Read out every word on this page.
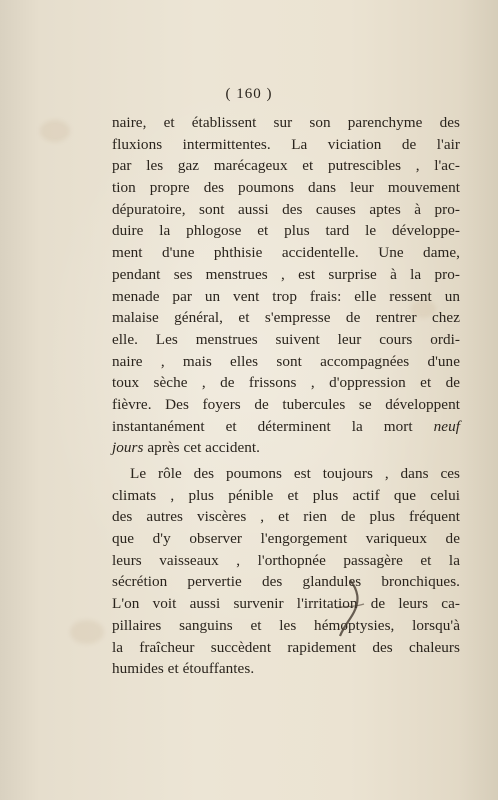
( 160 )
naire, et établissent sur son parenchyme des
fluxions intermittentes. La viciation de l'air
par les gaz marécageux et putrescibles , l'ac-
tion propre des poumons dans leur mouvement
dépuratoire, sont aussi des causes aptes à pro-
duire la phlogose et plus tard le développe-
ment d'une phthisie accidentelle. Une dame,
pendant ses menstrues , est surprise à la pro-
menade par un vent trop frais: elle ressent un
malaise général, et s'empresse de rentrer chez
elle. Les menstrues suivent leur cours ordi-
naire , mais elles sont accompagnées d'une
toux sèche , de frissons , d'oppression et de
fièvre. Des foyers de tubercules se développent
instantanément et déterminent la mort neuf
jours après cet accident.
Le rôle des poumons est toujours , dans ces
climats , plus pénible et plus actif que celui
des autres viscères , et rien de plus fréquent
que d'y observer l'engorgement variqueux de
leurs vaisseaux , l'orthopnée passagère et la
sécrétion pervertie des glandules bronchiques.
L'on voit aussi survenir l'irritation de leurs ca-
pillaires sanguins et les hémoptysies, lorsqu'à
la fraîcheur succèdent rapidement des chaleurs
humides et étouffantes.
